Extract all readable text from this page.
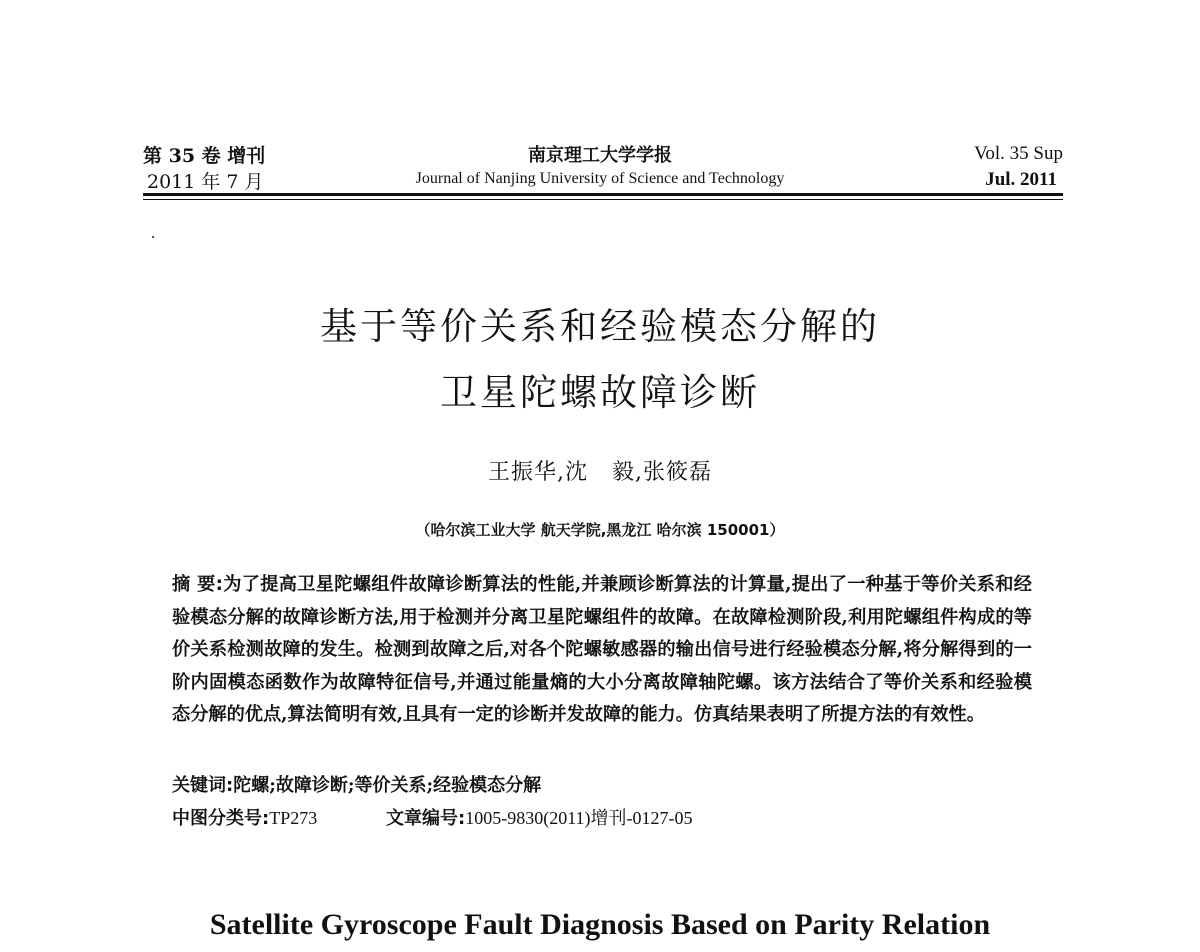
第 35 卷 增刊
2011 年 7 月
南京理工大学学报
Journal of Nanjing University of Science and Technology
Vol. 35 Sup
Jul. 2011
基于等价关系和经验模态分解的
卫星陀螺故障诊断
王振华,沈   毅,张筱磊
（哈尔滨工业大学 航天学院,黑龙江 哈尔滨 150001）
摘 要:为了提高卫星陀螺组件故障诊断算法的性能,并兼顾诊断算法的计算量,提出了一种基于等价关系和经验模态分解的故障诊断方法,用于检测并分离卫星陀螺组件的故障。在故障检测阶段,利用陀螺组件构成的等价关系检测故障的发生。检测到故障之后,对各个陀螺敏感器的输出信号进行经验模态分解,将分解得到的一阶内固模态函数作为故障特征信号,并通过能量熵的大小分离故障轴陀螺。该方法结合了等价关系和经验模态分解的优点,算法简明有效,且具有一定的诊断并发故障的能力。仿真结果表明了所提方法的有效性。
关键词:陀螺;故障诊断;等价关系;经验模态分解
中图分类号:TP273	文章编号:1005-9830(2011)增刊-0127-05
Satellite Gyroscope Fault Diagnosis Based on Parity Relation
